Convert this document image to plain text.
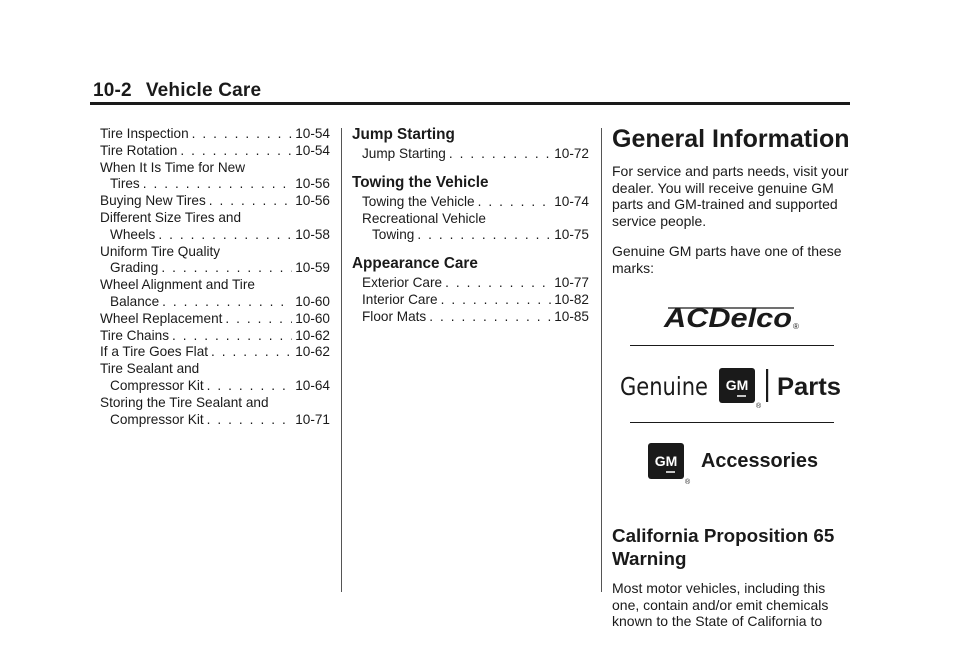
10-2 Vehicle Care
Tire Inspection . . .	10-54
Tire Rotation . . .	10-54
When It Is Time for New
Tires . . .	10-56
Buying New Tires . . .	10-56
Different Size Tires and
Wheels . . .	10-58
Uniform Tire Quality
Grading . . .	10-59
Wheel Alignment and Tire
Balance . . .	10-60
Wheel Replacement . . .	10-60
Tire Chains . . .	10-62
If a Tire Goes Flat . . .	10-62
Tire Sealant and
Compressor Kit . . .	10-64
Storing the Tire Sealant and
Compressor Kit . . .	10-71
Jump Starting
Jump Starting . . .	10-72
Towing the Vehicle
Towing the Vehicle . . .	10-74
Recreational Vehicle
Towing . . .	10-75
Appearance Care
Exterior Care . . .	10-77
Interior Care . . .	10-82
Floor Mats . . .	10-85
General Information
For service and parts needs, visit your dealer. You will receive genuine GM parts and GM-trained and supported service people.
Genuine GM parts have one of these marks:
ACDelco ®
Genuine GM
®
Parts
GM
®
Accessories
California Proposition 65 Warning
Most motor vehicles, including this one, contain and/or emit chemicals known to the State of California to
